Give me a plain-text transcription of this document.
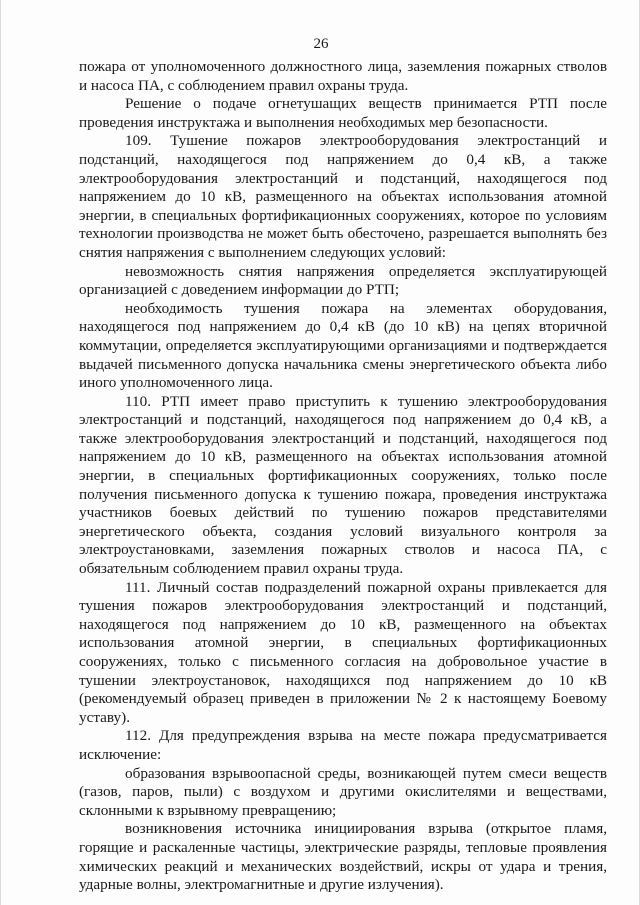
26

пожара от уполномоченного должностного лица, заземления пожарных стволов и насоса ПА, с соблюдением правил охраны труда.

Решение о подаче огнетушащих веществ принимается РТП после проведения инструктажа и выполнения необходимых мер безопасности.

109. Тушение пожаров электрооборудования электростанций и подстанций, находящегося под напряжением до 0,4 кВ, а также электрооборудования электростанций и подстанций, находящегося под напряжением до 10 кВ, размещенного на объектах использования атомной энергии, в специальных фортификационных сооружениях, которое по условиям технологии производства не может быть обесточено, разрешается выполнять без снятия напряжения с выполнением следующих условий:

невозможность снятия напряжения определяется эксплуатирующей организацией с доведением информации до РТП;

необходимость тушения пожара на элементах оборудования, находящегося под напряжением до 0,4 кВ (до 10 кВ) на цепях вторичной коммутации, определяется эксплуатирующими организациями и подтверждается выдачей письменного допуска начальника смены энергетического объекта либо иного уполномоченного лица.

110. РТП имеет право приступить к тушению электрооборудования электростанций и подстанций, находящегося под напряжением до 0,4 кВ, а также электрооборудования электростанций и подстанций, находящегося под напряжением до 10 кВ, размещенного на объектах использования атомной энергии, в специальных фортификационных сооружениях, только после получения письменного допуска к тушению пожара, проведения инструктажа участников боевых действий по тушению пожаров представителями энергетического объекта, создания условий визуального контроля за электроустановками, заземления пожарных стволов и насоса ПА, с обязательным соблюдением правил охраны труда.

111. Личный состав подразделений пожарной охраны привлекается для тушения пожаров электрооборудования электростанций и подстанций, находящегося под напряжением до 10 кВ, размещенного на объектах использования атомной энергии, в специальных фортификационных сооружениях, только с письменного согласия на добровольное участие в тушении электроустановок, находящихся под напряжением до 10 кВ (рекомендуемый образец приведен в приложении № 2 к настоящему Боевому уставу).

112. Для предупреждения взрыва на месте пожара предусматривается исключение:

образования взрывоопасной среды, возникающей путем смеси веществ (газов, паров, пыли) с воздухом и другими окислителями и веществами, склонными к взрывному превращению;

возникновения источника инициирования взрыва (открытое пламя, горящие и раскаленные частицы, электрические разряды, тепловые проявления химических реакций и механических воздействий, искры от удара и трения, ударные волны, электромагнитные и другие излучения).
